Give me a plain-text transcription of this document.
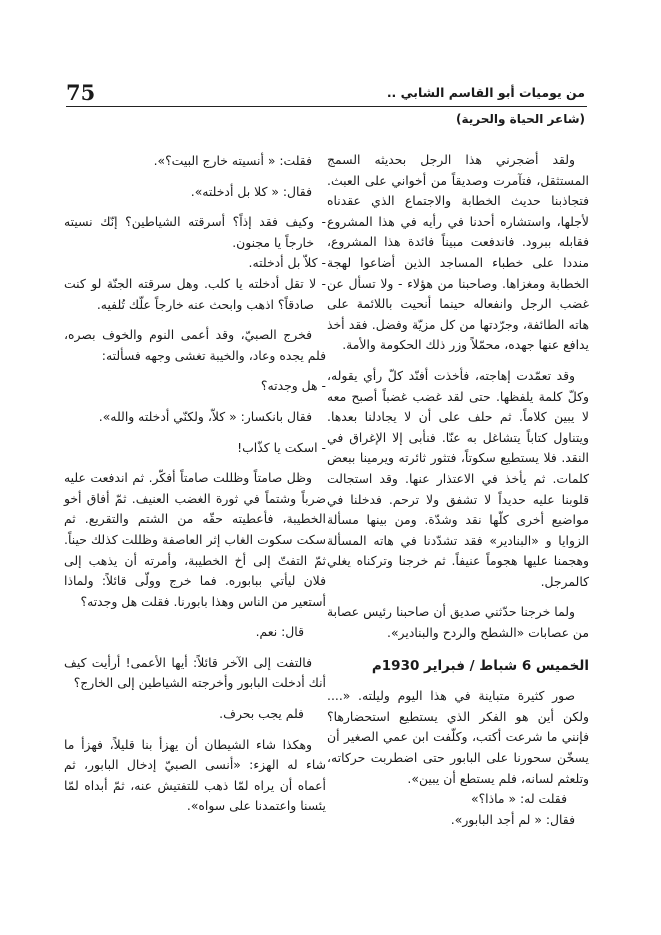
75	من يوميات أبو القاسم الشابي ..
(شاعر الحياة والحرية)

ولقد أضجرني هذا الرجل بحديثه السمج المستثقل، فتآمرت وصديقاً من أخواني على العبث. فتجاذبنا حديث الخطابة والاجتماع الذي عقدناه لأجلها، واستشاره أحدنا في رأيه في هذا المشروع فقابله ببرود. فاندفعت مبيناً فائدة هذا المشروع، منددا على خطباء المساجد الذين أضاعوا لهجة الخطابة ومغزاها. وصاحبنا من هؤلاء - ولا تسأل عن غضب الرجل وانفعاله حينما أنحيت باللائمة على هاته الطائفة، وجرّدتها من كل مزيّة وفضل. فقد أخذ يدافع عنها جهده، محمّلاً وزر ذلك الحكومة والأمة.

وقد تعمّدت إهاجته، فأخذت أفنّد كلّ رأي يقوله، وكلّ كلمة يلفظها. حتى لقد غضب غضباً أصبح معه لا يبين كلاماً. ثم حلف على أن لا يجادلنا بعدها. ويتناول كتاباً يتشاغل به عنّا. فنأبى إلا الإغراق في النقد. فلا يستطيع سكوتاً، فتثور ثائرته ويرمينا ببعض كلمات. ثم يأخذ في الاعتذار عنها. وقد استجالت قلوبنا عليه حديداً لا تشفق ولا ترحم. فدخلنا في مواضيع أخرى كلّها نقد وشدّة. ومن بينها مسألة الزوايا و «البنادير» فقد تشدّدنا في هاته المسألة وهجمنا عليها هجوماً عنيفاً. ثم خرجنا وتركناه يغلي كالمرجل.

ولما خرجنا حدّثني صديق أن صاحبنا رئيس عصابة من عصابات «الشطح والردح والبنادير».

الخميس 6 شباط / فبراير 1930م

صور كثيرة متباينة في هذا اليوم وليلته. «.... ولكن أين هو الفكر الذي يستطيع استحضارها؟ فإنني ما شرعت أكتب، وكلّفت ابن عمي الصغير أن يسخّن سحورنا على البابور حتى اضطربت حركاته، وتلعثم لسانه، فلم يستطع أن يبين».

فقلت له: « ماذا؟»

فقال: « لم أجد البابور».

فقلت: « أنسيته خارج البيت؟».

فقال: « كلا بل أدخلته».

- وكيف فقد إذاً؟ أسرقته الشياطين؟ إنّك نسيته خارجاً يا مجنون.

- كلاّ بل أدخلته.

- لا تقل أدخلته يا كلب. وهل سرقته الجنّة لو كنت صادقاً؟ اذهب وابحث عنه خارجاً علّك تُلفيه.

فخرج الصبيّ، وقد أعمى النوم والخوف بصره، فلم يجده وعاد، والخيبة تغشى وجهه فسألته:

- هل وجدته؟

فقال بانكسار: « كلاّ، ولكنّي أدخلته والله».

- اسكت يا كذّاب!

وظل صامتاً وظللت صامتاً أفكّر. ثم اندفعت عليه ضرباً وشتماً في ثورة الغضب العنيف. ثمّ أفاق أخو الخطيبة، فأعطيته حقّه من الشتم والتقريع. ثم سكت سكوت الغاب إثر العاصفة وظللت كذلك حيناً. ثمّ التفتّ إلى أخ الخطيبة، وأمرته أن يذهب إلى فلان ليأتي ببابوره. فما خرج وولّى قائلاً: ولماذا أستعير من الناس وهذا بابورنا. فقلت هل وجدته؟

قال: نعم.

فالتفت إلى الآخر قائلاً: أيها الأعمى! أرأيت كيف أنك أدخلت البابور وأخرجته الشياطين إلى الخارج؟

فلم يجب بحرف.

وهكذا شاء الشيطان أن يهزأ بنا قليلاً، فهزأ ما شاء له الهزء: «أنسى الصبيّ إدخال البابور، ثم أعماه أن يراه لمّا ذهب للتفتيش عنه، ثمّ أبداه لمّا يئسنا واعتمدنا على سواه».
